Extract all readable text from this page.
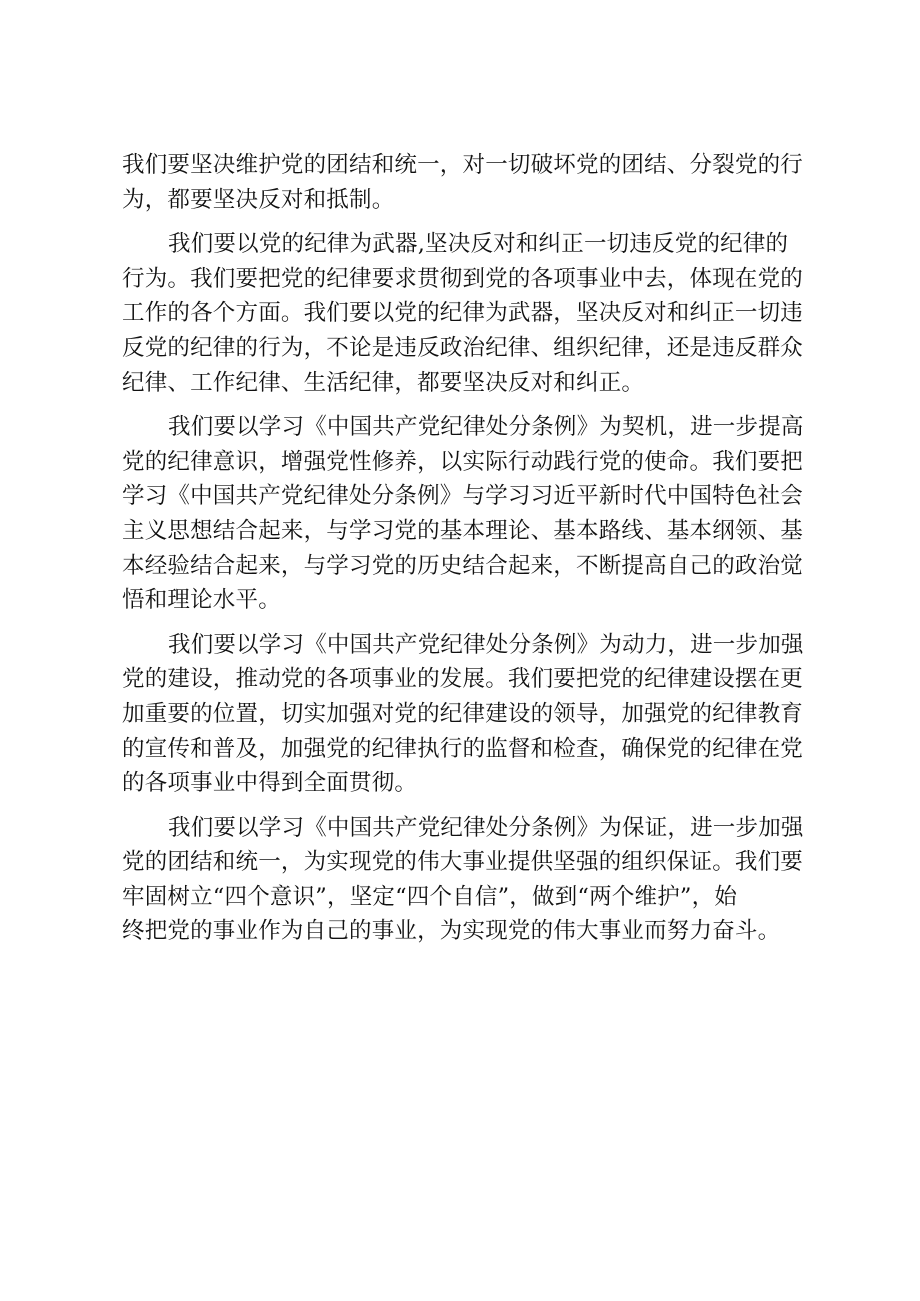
我们要坚决维护党的团结和统一，对一切破坏党的团结、分裂党的行
为，都要坚决反对和抵制。
我们要以党的纪律为武器,坚决反对和纠正一切违反党的纪律的
行为。我们要把党的纪律要求贯彻到党的各项事业中去，体现在党的
工作的各个方面。我们要以党的纪律为武器，坚决反对和纠正一切违
反党的纪律的行为，不论是违反政治纪律、组织纪律，还是违反群众
纪律、工作纪律、生活纪律，都要坚决反对和纠正。
我们要以学习《中国共产党纪律处分条例》为契机，进一步提高
党的纪律意识，增强党性修养，以实际行动践行党的使命。我们要把
学习《中国共产党纪律处分条例》与学习习近平新时代中国特色社会
主义思想结合起来，与学习党的基本理论、基本路线、基本纲领、基
本经验结合起来，与学习党的历史结合起来，不断提高自己的政治觉
悟和理论水平。
我们要以学习《中国共产党纪律处分条例》为动力，进一步加强
党的建设，推动党的各项事业的发展。我们要把党的纪律建设摆在更
加重要的位置，切实加强对党的纪律建设的领导，加强党的纪律教育
的宣传和普及，加强党的纪律执行的监督和检查，确保党的纪律在党
的各项事业中得到全面贯彻。
我们要以学习《中国共产党纪律处分条例》为保证，进一步加强
党的团结和统一，为实现党的伟大事业提供坚强的组织保证。我们要
牢固树立“四个意识”，坚定“四个自信”，做到“两个维护”，始
终把党的事业作为自己的事业，为实现党的伟大事业而努力奋斗。
